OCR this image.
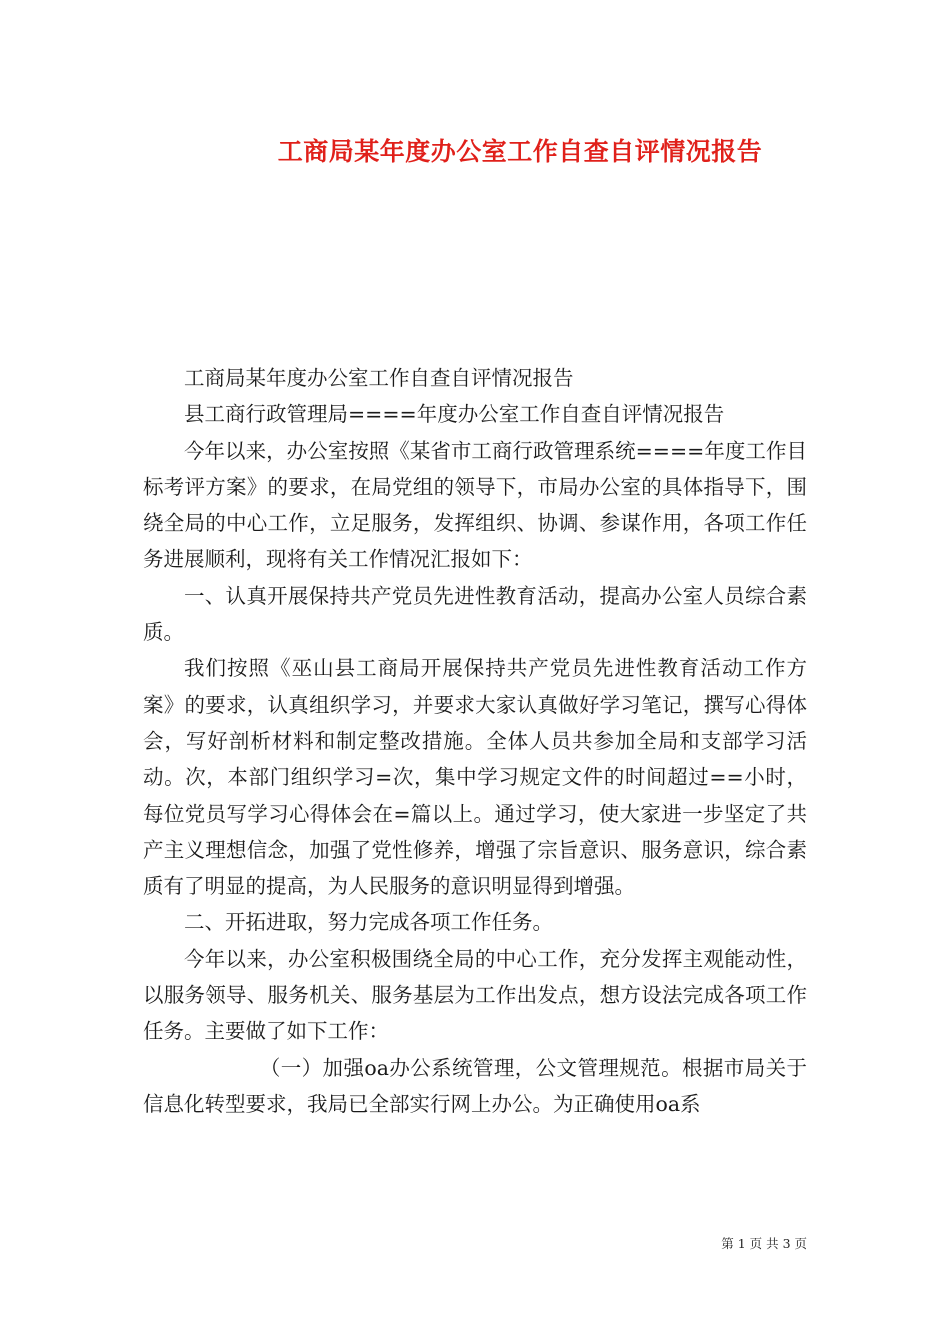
工商局某年度办公室工作自查自评情况报告

工商局某年度办公室工作自查自评情况报告

县工商行政管理局====年度办公室工作自查自评情况报告

今年以来，办公室按照《某省市工商行政管理系统====年度工作目标考评方案》的要求，在局党组的领导下，市局办公室的具体指导下，围绕全局的中心工作，立足服务，发挥组织、协调、参谋作用，各项工作任务进展顺利，现将有关工作情况汇报如下：

一、认真开展保持共产党员先进性教育活动，提高办公室人员综合素质。

我们按照《巫山县工商局开展保持共产党员先进性教育活动工作方案》的要求，认真组织学习，并要求大家认真做好学习笔记，撰写心得体会，写好剖析材料和制定整改措施。全体人员共参加全局和支部学习活动。次，本部门组织学习=次，集中学习规定文件的时间超过==小时，每位党员写学习心得体会在=篇以上。通过学习，使大家进一步坚定了共产主义理想信念，加强了党性修养，增强了宗旨意识、服务意识，综合素质有了明显的提高，为人民服务的意识明显得到增强。

二、开拓进取，努力完成各项工作任务。

今年以来，办公室积极围绕全局的中心工作，充分发挥主观能动性，以服务领导、服务机关、服务基层为工作出发点，想方设法完成各项工作任务。主要做了如下工作：

（一）加强oa办公系统管理，公文管理规范。根据市局关于信息化转型要求，我局已全部实行网上办公。为正确使用oa系

第 1 页 共 3 页
